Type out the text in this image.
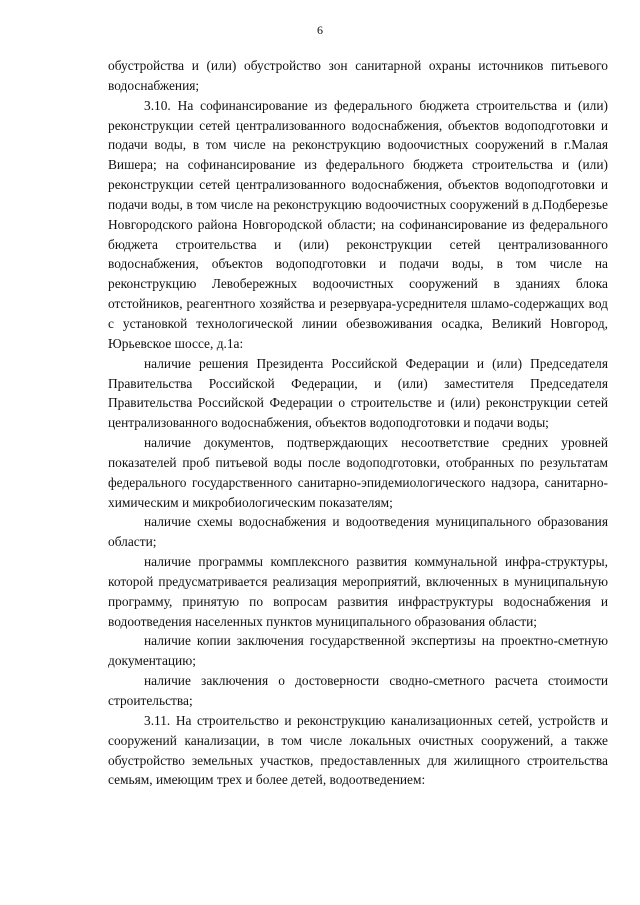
6

обустройства и (или) обустройство зон санитарной охраны источников питьевого водоснабжения;

3.10. На софинансирование из федерального бюджета строительства и (или) реконструкции сетей централизованного водоснабжения, объектов водоподготовки и подачи воды, в том числе на реконструкцию водоочистных сооружений в г.Малая Вишера; на софинансирование из федерального бюджета строительства и (или) реконструкции сетей централизованного водоснабжения, объектов водоподготовки и подачи воды, в том числе на реконструкцию водоочистных сооружений в д.Подберезье Новгородского района Новгородской области; на софинансирование из федерального бюджета строительства и (или) реконструкции сетей централизованного водоснабжения, объектов водоподготовки и подачи воды, в том числе на реконструкцию Левобережных водоочистных сооружений в зданиях блока отстойников, реагентного хозяйства и резервуара-усреднителя шламо-содержащих вод с установкой технологической линии обезвоживания осадка, Великий Новгород, Юрьевское шоссе, д.1а:

наличие решения Президента Российской Федерации и (или) Председателя Правительства Российской Федерации, и (или) заместителя Председателя Правительства Российской Федерации о строительстве и (или) реконструкции сетей централизованного водоснабжения, объектов водоподготовки и подачи воды;

наличие документов, подтверждающих несоответствие средних уровней показателей проб питьевой воды после водоподготовки, отобранных по результатам федерального государственного санитарно-эпидемиологического надзора, санитарно-химическим и микробиологическим показателям;

наличие схемы водоснабжения и водоотведения муниципального образования области;

наличие программы комплексного развития коммунальной инфра-структуры, которой предусматривается реализация мероприятий, включенных в муниципальную программу, принятую по вопросам развития инфраструктуры водоснабжения и водоотведения населенных пунктов муниципального образования области;

наличие копии заключения государственной экспертизы на проектно-сметную документацию;

наличие заключения о достоверности сводно-сметного расчета стоимости строительства;

3.11. На строительство и реконструкцию канализационных сетей, устройств и сооружений канализации, в том числе локальных очистных сооружений, а также обустройство земельных участков, предоставленных для жилищного строительства семьям, имеющим трех и более детей, водоотведением:
